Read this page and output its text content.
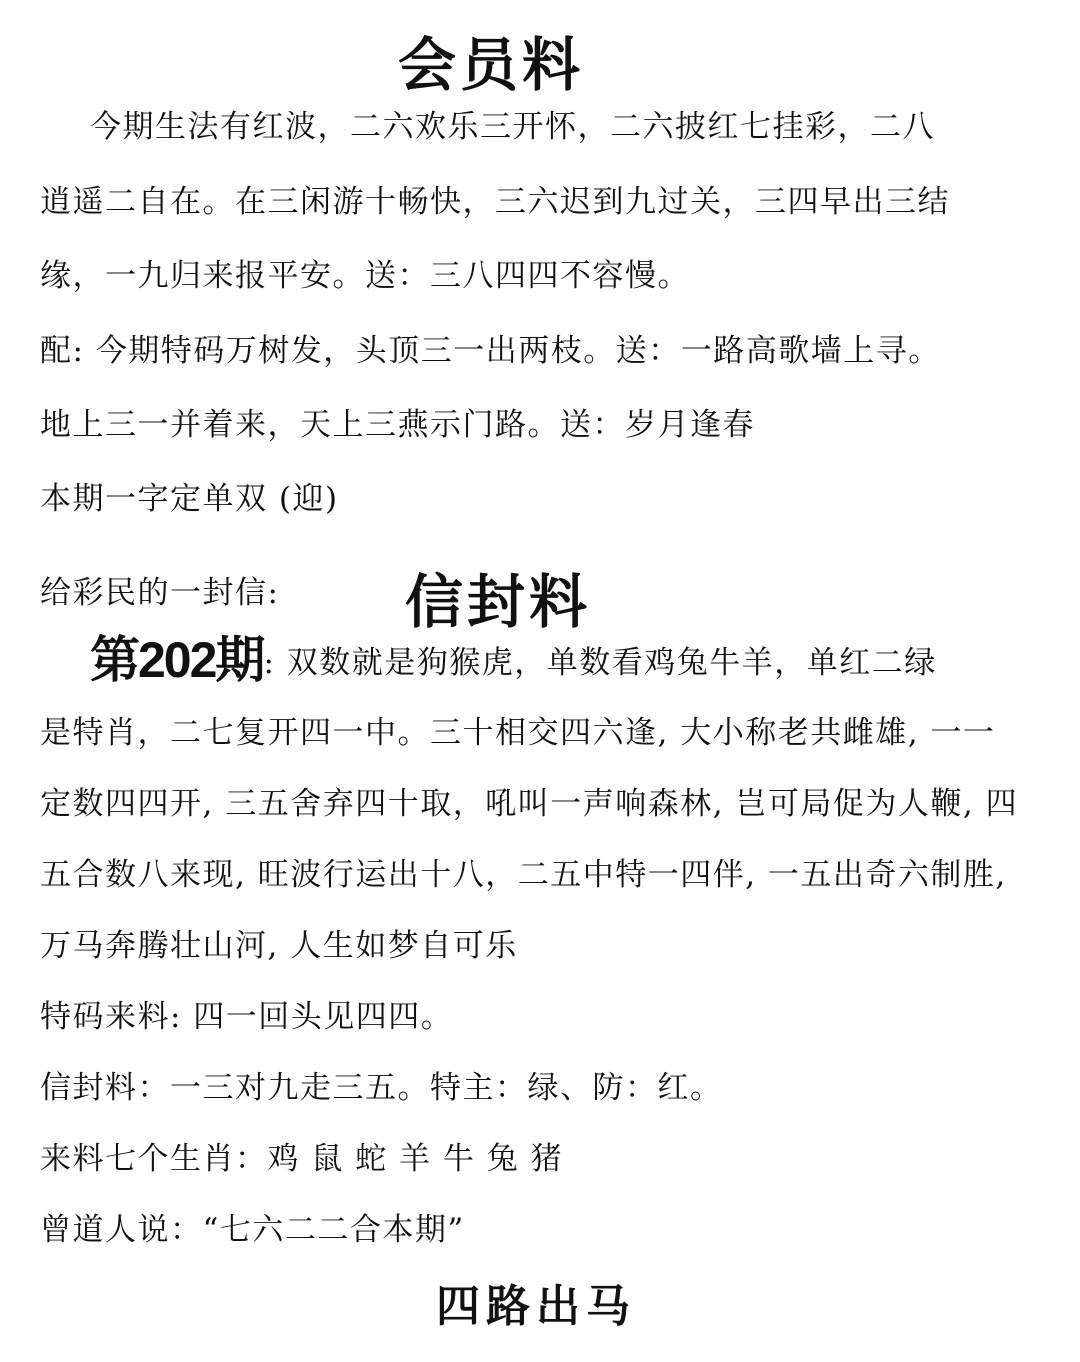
会员料
今期生法有红波，二六欢乐三开怀，二六披红七挂彩，二八
逍遥二自在。在三闲游十畅快，三六迟到九过关，三四早出三结
缘，一九归来报平安。送：三八四四不容慢。
配: 今期特码万树发，头顶三一出两枝。送：一路高歌墙上寻。
地上三一并着来，天上三燕示门路。送：岁月逢春
本期一字定单双 (迎)
给彩民的一封信: 信封料
第202期: 双数就是狗猴虎，单数看鸡兔牛羊，单红二绿
是特肖，二七复开四一中。三十相交四六逢, 大小称老共雌雄, 一一
定数四四开, 三五舍弃四十取，吼叫一声响森林, 岂可局促为人鞭, 四
五合数八来现, 旺波行运出十八，二五中特一四伴, 一五出奇六制胜,
万马奔腾壮山河, 人生如梦自可乐
特码来料: 四一回头见四四。
信封料：一三对九走三五。特主：绿、防：红。
来料七个生肖：鸡 鼠 蛇 羊 牛 兔 猪
曾道人说：“七六二二合本期”
四路出马
